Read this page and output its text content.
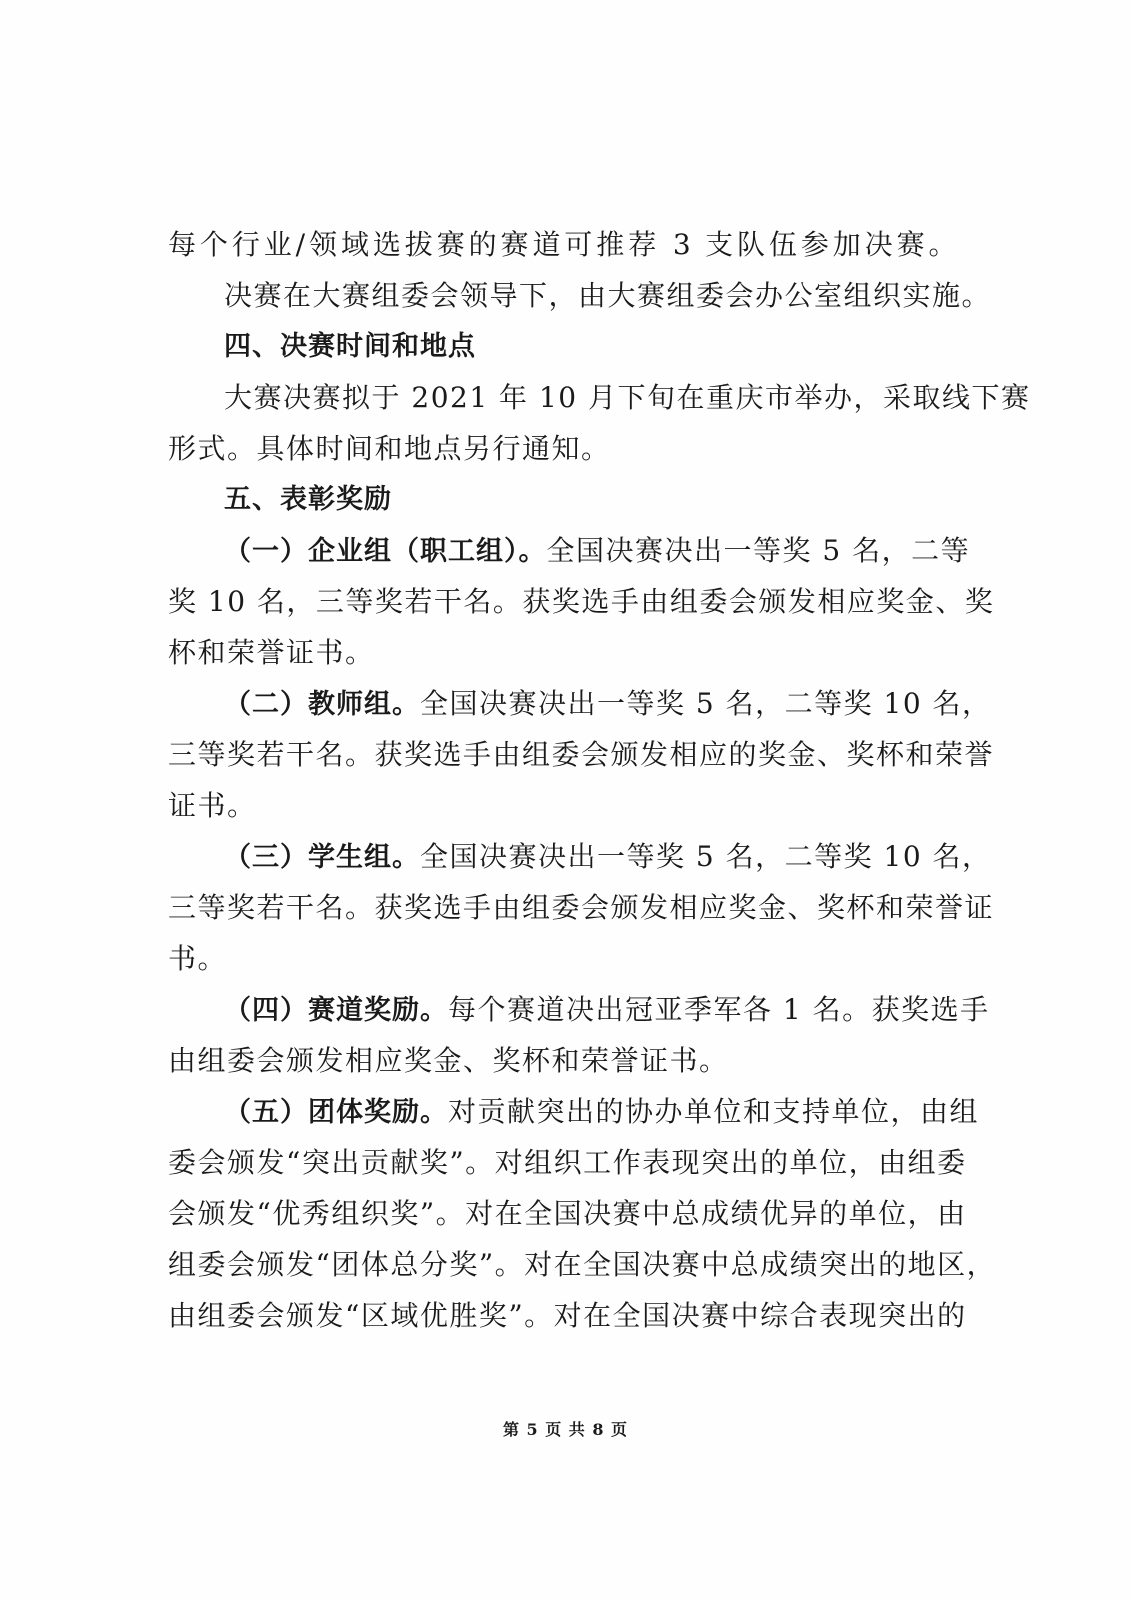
每个行业/领域选拔赛的赛道可推荐 3 支队伍参加决赛。
决赛在大赛组委会领导下，由大赛组委会办公室组织实施。
四、决赛时间和地点
大赛决赛拟于 2021 年 10 月下旬在重庆市举办，采取线下赛
形式。具体时间和地点另行通知。
五、表彰奖励
（一）企业组（职工组）。全国决赛决出一等奖 5 名，二等
奖 10 名，三等奖若干名。获奖选手由组委会颁发相应奖金、奖
杯和荣誉证书。
（二）教师组。全国决赛决出一等奖 5 名，二等奖 10 名，
三等奖若干名。获奖选手由组委会颁发相应的奖金、奖杯和荣誉
证书。
（三）学生组。全国决赛决出一等奖 5 名，二等奖 10 名，
三等奖若干名。获奖选手由组委会颁发相应奖金、奖杯和荣誉证
书。
（四）赛道奖励。每个赛道决出冠亚季军各 1 名。获奖选手
由组委会颁发相应奖金、奖杯和荣誉证书。
（五）团体奖励。对贡献突出的协办单位和支持单位，由组
委会颁发“突出贡献奖”。对组织工作表现突出的单位，由组委
会颁发“优秀组织奖”。对在全国决赛中总成绩优异的单位，由
组委会颁发“团体总分奖”。对在全国决赛中总成绩突出的地区，
由组委会颁发“区域优胜奖”。对在全国决赛中综合表现突出的
第 5 页 共 8 页
